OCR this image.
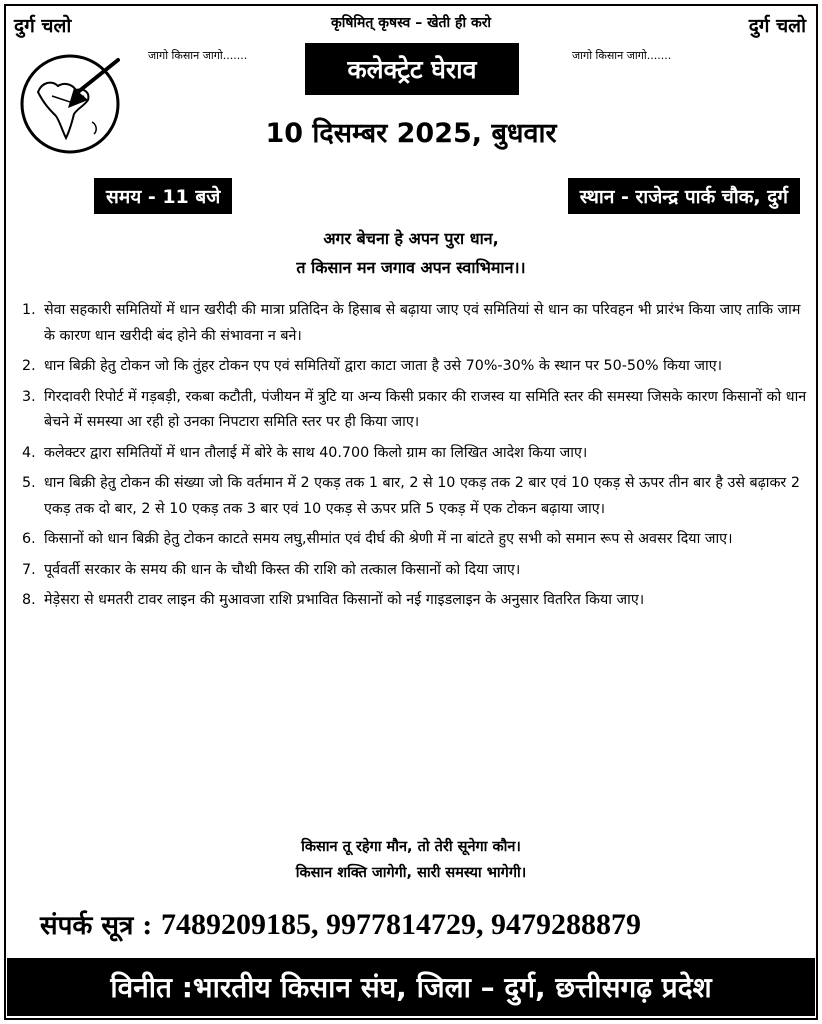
दुर्ग चलो	दुर्ग चलो
कृषिमित् कृषस्व – खेती ही करो
जागो किसान जागो.......	जागो किसान जागो.......
कलेक्ट्रेट घेराव
10 दिसम्बर 2025, बुधवार
समय - 11 बजे	स्थान - राजेन्द्र पार्क चौक, दुर्ग
अगर बेचना हे अपन पुरा धान,
त किसान मन जगाव अपन स्वाभिमान।।
1. सेवा सहकारी समितियों में धान खरीदी की मात्रा प्रतिदिन के हिसाब से बढ़ाया जाए एवं समितियां से धान का परिवहन भी प्रारंभ किया जाए ताकि जाम के कारण धान खरीदी बंद होने की संभावना न बने।
2. धान बिक्री हेतु टोकन जो कि तुंहर टोकन एप एवं समितियों द्वारा काटा जाता है उसे 70%-30% के स्थान पर 50-50% किया जाए।
3. गिरदावरी रिपोर्ट में गड़बड़ी, रकबा कटौती, पंजीयन में त्रुटि या अन्य किसी प्रकार की राजस्व या समिति स्तर की समस्या जिसके कारण किसानों को धान बेचने में समस्या आ रही हो उनका निपटारा समिति स्तर पर ही किया जाए।
4. कलेक्टर द्वारा समितियों में धान तौलाई में बोरे के साथ 40.700 किलो ग्राम का लिखित आदेश किया जाए।
5. धान बिक्री हेतु टोकन की संख्या जो कि वर्तमान में 2 एकड़ तक 1 बार, 2 से 10 एकड़ तक 2 बार एवं 10 एकड़ से ऊपर तीन बार है उसे बढ़ाकर 2 एकड़ तक दो बार, 2 से 10 एकड़ तक 3 बार एवं 10 एकड़ से ऊपर प्रति 5 एकड़ में एक टोकन बढ़ाया जाए।
6. किसानों को धान बिक्री हेतु टोकन काटते समय लघु,सीमांत एवं दीर्घ की श्रेणी में ना बांटते हुए सभी को समान रूप से अवसर दिया जाए।
7. पूर्ववर्ती सरकार के समय की धान के चौथी किस्त की राशि को तत्काल किसानों को दिया जाए।
8. मेड़ेसरा से धमतरी टावर लाइन की मुआवजा राशि प्रभावित किसानों को नई गाइडलाइन के अनुसार वितरित किया जाए।
किसान तू रहेगा मौन, तो तेरी सूनेगा कौन।
किसान शक्ति जागेगी, सारी समस्या भागेगी।
संपर्क सूत्र : 7489209185, 9977814729, 9479288879
विनीत :भारतीय किसान संघ, जिला – दुर्ग, छत्तीसगढ़ प्रदेश
